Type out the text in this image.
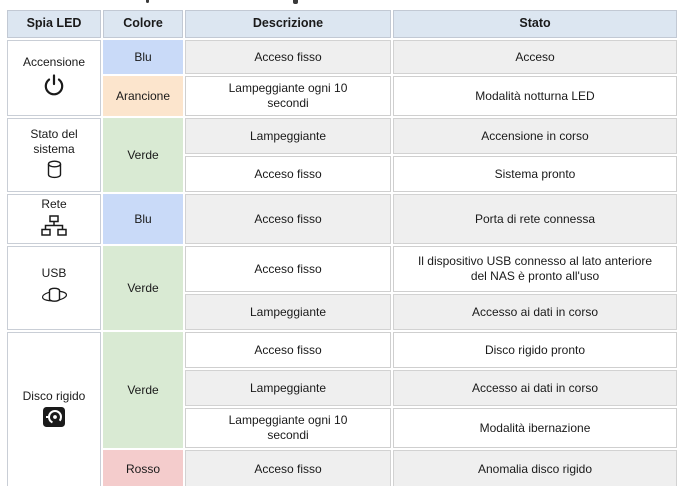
Spia LED	Colore	Descrizione	Stato

Accensione	Blu	Acceso fisso	Acceso
	Arancione	Lampeggiante ogni 10 secondi	Modalità notturna LED

Stato del sistema	Verde	Lampeggiante	Accensione in corso
		Acceso fisso	Sistema pronto

Rete	Blu	Acceso fisso	Porta di rete connessa

USB	Verde	Acceso fisso	Il dispositivo USB connesso al lato anteriore del NAS è pronto all'uso
		Lampeggiante	Accesso ai dati in corso

Disco rigido	Verde	Acceso fisso	Disco rigido pronto
		Lampeggiante	Accesso ai dati in corso
		Lampeggiante ogni 10 secondi	Modalità ibernazione
	Rosso	Acceso fisso	Anomalia disco rigido
